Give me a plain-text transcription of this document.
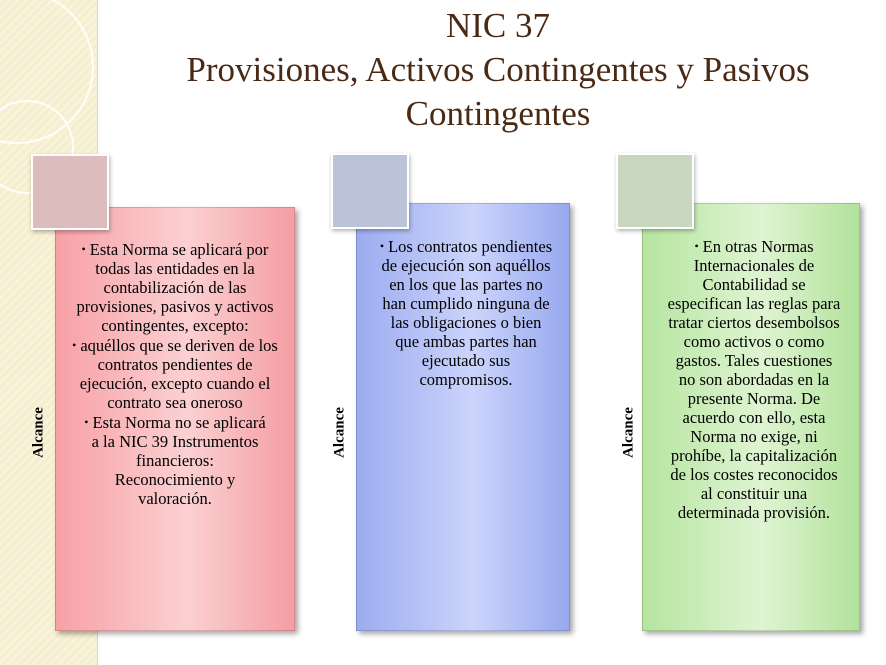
NIC 37
Provisiones, Activos Contingentes y Pasivos
Contingentes
Alcance
• Esta Norma se aplicará por todas las entidades en la contabilización de las provisiones, pasivos y activos contingentes, excepto:
• aquéllos que se deriven de los contratos pendientes de ejecución, excepto cuando el contrato sea oneroso
• Esta Norma no se aplicará a la NIC 39 Instrumentos financieros: Reconocimiento y valoración.
Alcance
• Los contratos pendientes de ejecución son aquéllos en los que las partes no han cumplido ninguna de las obligaciones o bien que ambas partes han ejecutado sus compromisos.
Alcance
• En otras Normas Internacionales de Contabilidad se especifican las reglas para tratar ciertos desembolsos como activos o como gastos. Tales cuestiones no son abordadas en la presente Norma. De acuerdo con ello, esta Norma no exige, ni prohíbe, la capitalización de los costes reconocidos al constituir una determinada provisión.
